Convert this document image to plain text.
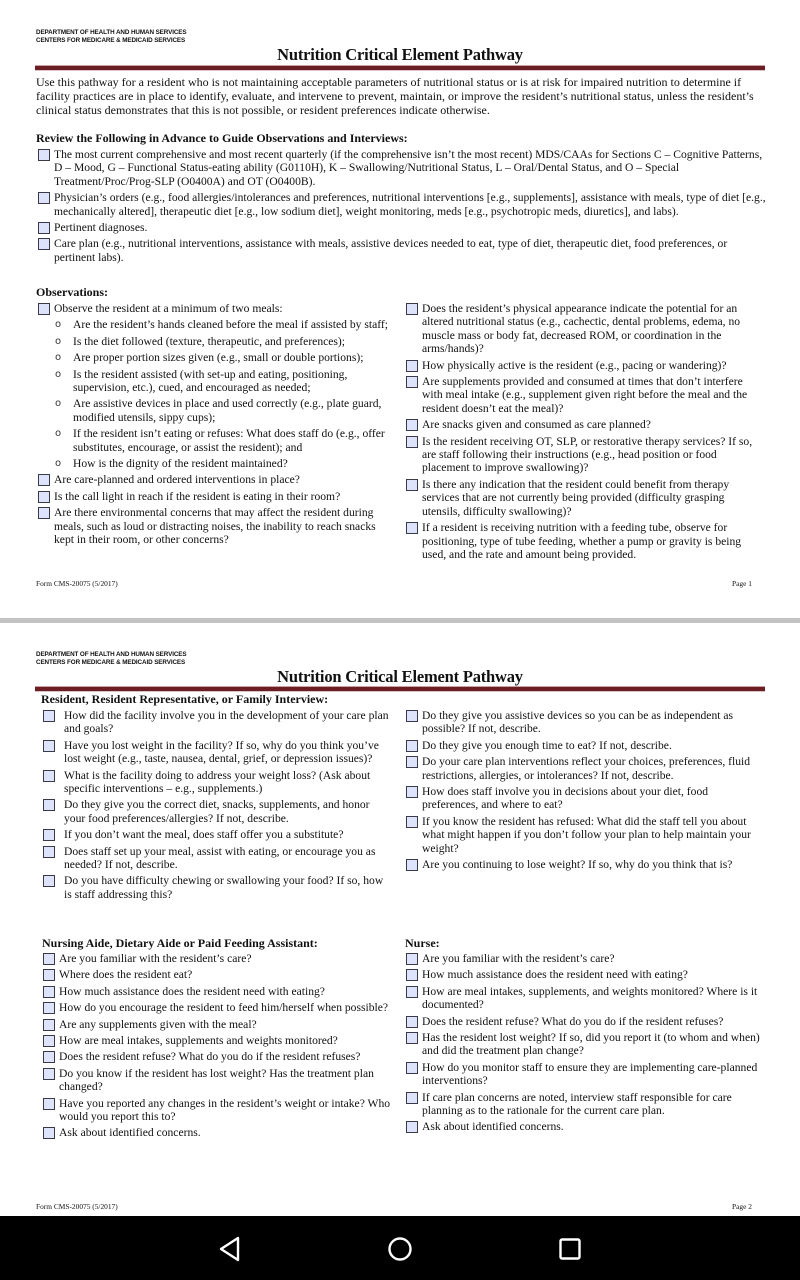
DEPARTMENT OF HEALTH AND HUMAN SERVICES
CENTERS FOR MEDICARE & MEDICAID SERVICES
Nutrition Critical Element Pathway
Use this pathway for a resident who is not maintaining acceptable parameters of nutritional status or is at risk for impaired nutrition to determine if facility practices are in place to identify, evaluate, and intervene to prevent, maintain, or improve the resident’s nutritional status, unless the resident’s clinical status demonstrates that this is not possible, or resident preferences indicate otherwise.
Review the Following in Advance to Guide Observations and Interviews:
The most current comprehensive and most recent quarterly (if the comprehensive isn’t the most recent) MDS/CAAs for Sections C – Cognitive Patterns, D – Mood, G – Functional Status-eating ability (G0110H), K – Swallowing/Nutritional Status, L – Oral/Dental Status, and O – Special Treatment/Proc/Prog-SLP (O0400A) and OT (O0400B).
Physician’s orders (e.g., food allergies/intolerances and preferences, nutritional interventions [e.g., supplements], assistance with meals, type of diet [e.g., mechanically altered], therapeutic diet [e.g., low sodium diet], weight monitoring, meds [e.g., psychotropic meds, diuretics], and labs).
Pertinent diagnoses.
Care plan (e.g., nutritional interventions, assistance with meals, assistive devices needed to eat, type of diet, therapeutic diet, food preferences, or pertinent labs).
Observations:
Observe the resident at a minimum of two meals:
o Are the resident’s hands cleaned before the meal if assisted by staff;
o Is the diet followed (texture, therapeutic, and preferences);
o Are proper portion sizes given (e.g., small or double portions);
o Is the resident assisted (with set-up and eating, positioning, supervision, etc.), cued, and encouraged as needed;
o Are assistive devices in place and used correctly (e.g., plate guard, modified utensils, sippy cups);
o If the resident isn’t eating or refuses: What does staff do (e.g., offer substitutes, encourage, or assist the resident); and
o How is the dignity of the resident maintained?
Are care-planned and ordered interventions in place?
Is the call light in reach if the resident is eating in their room?
Are there environmental concerns that may affect the resident during meals, such as loud or distracting noises, the inability to reach snacks kept in their room, or other concerns?
Does the resident’s physical appearance indicate the potential for an altered nutritional status (e.g., cachectic, dental problems, edema, no muscle mass or body fat, decreased ROM, or coordination in the arms/hands)?
How physically active is the resident (e.g., pacing or wandering)?
Are supplements provided and consumed at times that don’t interfere with meal intake (e.g., supplement given right before the meal and the resident doesn’t eat the meal)?
Are snacks given and consumed as care planned?
Is the resident receiving OT, SLP, or restorative therapy services? If so, are staff following their instructions (e.g., head position or food placement to improve swallowing)?
Is there any indication that the resident could benefit from therapy services that are not currently being provided (difficulty grasping utensils, difficulty swallowing)?
If a resident is receiving nutrition with a feeding tube, observe for positioning, type of tube feeding, whether a pump or gravity is being used, and the rate and amount being provided.
Form CMS-20075 (5/2017)	Page 1
DEPARTMENT OF HEALTH AND HUMAN SERVICES
CENTERS FOR MEDICARE & MEDICAID SERVICES
Nutrition Critical Element Pathway
Resident, Resident Representative, or Family Interview:
How did the facility involve you in the development of your care plan and goals?
Have you lost weight in the facility? If so, why do you think you’ve lost weight (e.g., taste, nausea, dental, grief, or depression issues)?
What is the facility doing to address your weight loss? (Ask about specific interventions – e.g., supplements.)
Do they give you the correct diet, snacks, supplements, and honor your food preferences/allergies? If not, describe.
If you don’t want the meal, does staff offer you a substitute?
Does staff set up your meal, assist with eating, or encourage you as needed? If not, describe.
Do you have difficulty chewing or swallowing your food? If so, how is staff addressing this?
Do they give you assistive devices so you can be as independent as possible? If not, describe.
Do they give you enough time to eat? If not, describe.
Do your care plan interventions reflect your choices, preferences, fluid restrictions, allergies, or intolerances? If not, describe.
How does staff involve you in decisions about your diet, food preferences, and where to eat?
If you know the resident has refused: What did the staff tell you about what might happen if you don’t follow your plan to help maintain your weight?
Are you continuing to lose weight? If so, why do you think that is?
Nursing Aide, Dietary Aide or Paid Feeding Assistant:
Are you familiar with the resident’s care?
Where does the resident eat?
How much assistance does the resident need with eating?
How do you encourage the resident to feed him/herself when possible?
Are any supplements given with the meal?
How are meal intakes, supplements and weights monitored?
Does the resident refuse? What do you do if the resident refuses?
Do you know if the resident has lost weight? Has the treatment plan changed?
Have you reported any changes in the resident’s weight or intake? Who would you report this to?
Ask about identified concerns.
Nurse:
Are you familiar with the resident’s care?
How much assistance does the resident need with eating?
How are meal intakes, supplements, and weights monitored? Where is it documented?
Does the resident refuse? What do you do if the resident refuses?
Has the resident lost weight? If so, did you report it (to whom and when) and did the treatment plan change?
How do you monitor staff to ensure they are implementing care-planned interventions?
If care plan concerns are noted, interview staff responsible for care planning as to the rationale for the current care plan.
Ask about identified concerns.
Form CMS-20075 (5/2017)	Page 2
